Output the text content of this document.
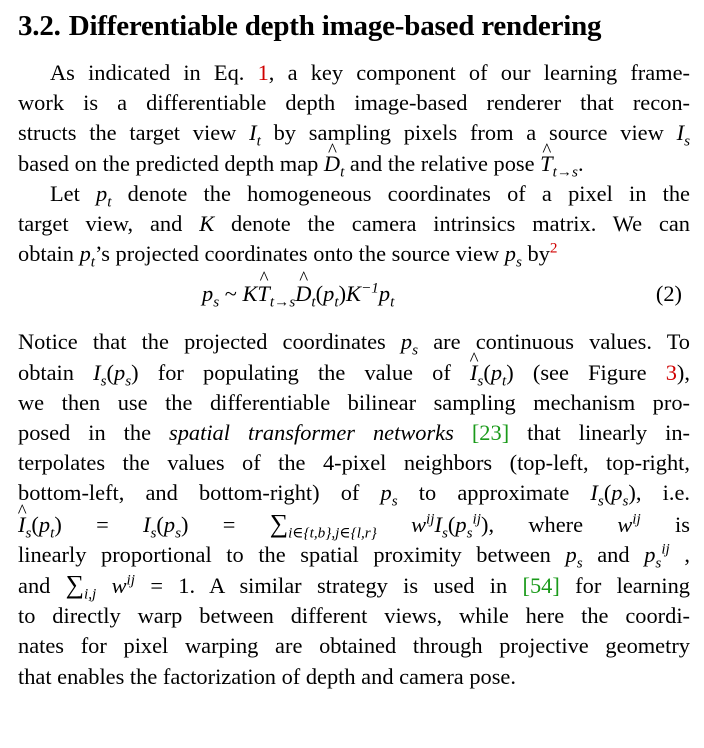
3.2. Differentiable depth image-based rendering

As indicated in Eq. 1, a key component of our learning frame-
work is a differentiable depth image-based renderer that recon-
structs the target view $I_t$ by sampling pixels from a source view $I_s$
based on the predicted depth map ^ $D_t$ and the relative pose ^ $T_{t\to s}$.

Let $p_t$ denote the homogeneous coordinates of a pixel in the
target view, and K denote the camera intrinsics matrix. We can
obtain $p_t’s$ projected coordinates onto the source view $p_s$ by$^2$

$p_s$ ~ K^ $T_{t\to s}\^{}$ $D_t(p_t)K^{-1}p_t$	(2)

Notice that the projected coordinates $p_s$ are continuous values. To
obtain $I_s(p_s)$ for populating the value of ^ $I_s(p_t)$ (see Figure 3),
we then use the differentiable bilinear sampling mechanism pro-
posed in the spatial transformer networks [23] that linearly in-
terpolates the values of the 4-pixel neighbors (top-left, top-right,
bottom-left, and bottom-right) of $p_s$ to approximate $I_s(p_s)$, i.e.
^ $I_s(p_t) = I_s(p_s) = \sum_{i\in\{t,b\},j\in\{l,r\}}$ $w^{ij}I_s(p_s^{ij})$, where $w^{ij}$ is
linearly proportional to the spatial proximity between $p_s$ and $p_s^{ij}$ ,
and $\sum_{i,j}$ $w^{ij} = 1$. A similar strategy is used in [54] for learning
to directly warp between different views, while here the coordi-
nates for pixel warping are obtained through projective geometry
that enables the factorization of depth and camera pose.
